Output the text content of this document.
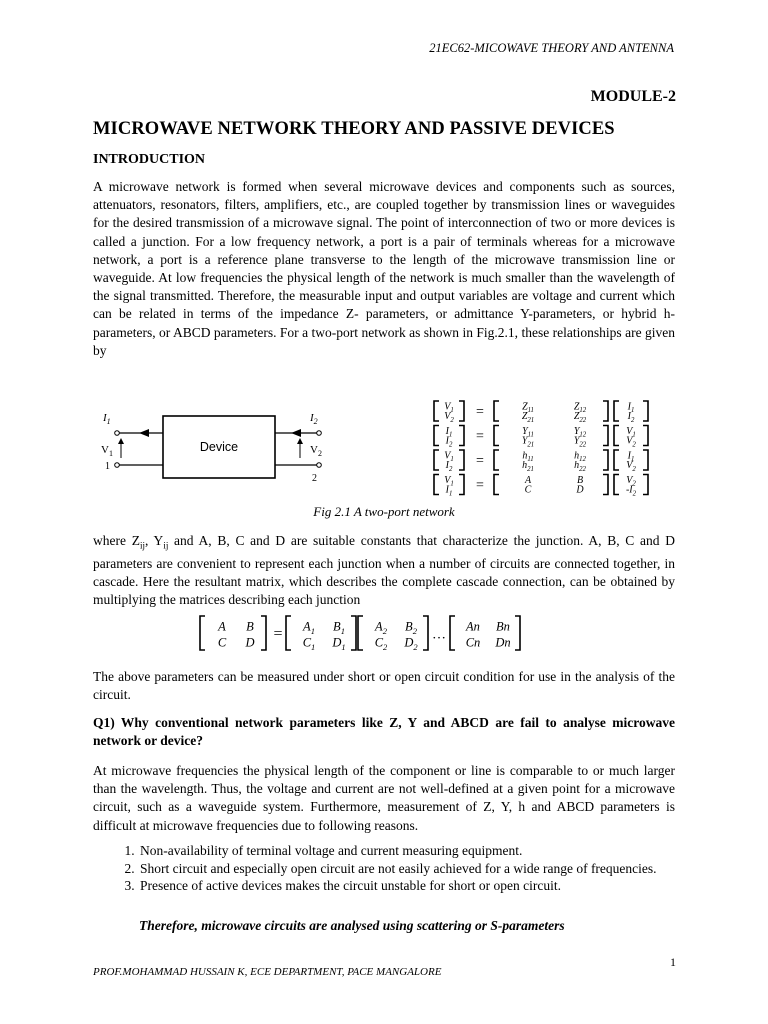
21EC62-MICOWAVE THEORY AND ANTENNA
MODULE-2
MICROWAVE NETWORK THEORY AND PASSIVE DEVICES
INTRODUCTION
A microwave network is formed when several microwave devices and components such as sources, attenuators, resonators, filters, amplifiers, etc., are coupled together by transmission lines or waveguides for the desired transmission of a microwave signal. The point of interconnection of two or more devices is called a junction. For a low frequency network, a port is a pair of terminals whereas for a microwave network, a port is a reference plane transverse to the length of the microwave transmission line or waveguide. At low frequencies the physical length of the network is much smaller than the wavelength of the signal transmitted. Therefore, the measurable input and output variables are voltage and current which can be related in terms of the impedance Z- parameters, or admittance Y-parameters, or hybrid h-parameters, or ABCD parameters. For a two-port network as shown in Fig.2.1, these relationships are given by
Device
$I_1$
$V_1$
1
$I_2$
$V_2$
2
$V_1$
$V_2$
=	$Z_{11}$	$Z_{12}$
$Z_{21}$	$Z_{22}$
$I_1$
$I_2$
$I_1$
$I_2$
=	$Y_{11}$	$Y_{12}$
$Y_{21}$	$Y_{22}$
$V_1$
$V_2$
$V_1$
$I_2$
=	$h_{11}$	$h_{12}$
$h_{21}$	$h_{22}$
$I_1$
$V_2$
$V_1$
$I_1$
=	A	B
C	D
$V_2$
$-I_2$
Fig 2.1 A two-port network
where $Z_{ij}$, $Y_{ij}$ and A, B, C and D are suitable constants that characterize the junction. A, B, C and D parameters are convenient to represent each junction when a number of circuits are connected together, in cascade. Here the resultant matrix, which describes the complete cascade connection, can be obtained by multiplying the matrices describing each junction
A B
C D
= $A_1$ $B_1$
$C_1$ $D_1$
$A_2$ $B_2$
$C_2$ $D_2$
…
An Bn
Cn Dn
The above parameters can be measured under short or open circuit condition for use in the analysis of the circuit.
Q1) Why conventional network parameters like Z, Y and ABCD are fail to analyse microwave network or device?
At microwave frequencies the physical length of the component or line is comparable to or much larger than the wavelength. Thus, the voltage and current are not well-defined at a given point for a microwave circuit, such as a waveguide system. Furthermore, measurement of Z, Y, h and ABCD parameters is difficult at microwave frequencies due to following reasons.
1. Non-availability of terminal voltage and current measuring equipment.
2. Short circuit and especially open circuit are not easily achieved for a wide range of frequencies.
3. Presence of active devices makes the circuit unstable for short or open circuit.
Therefore, microwave circuits are analysed using scattering or S-parameters
1
PROF.MOHAMMAD HUSSAIN K, ECE DEPARTMENT, PACE MANGALORE
